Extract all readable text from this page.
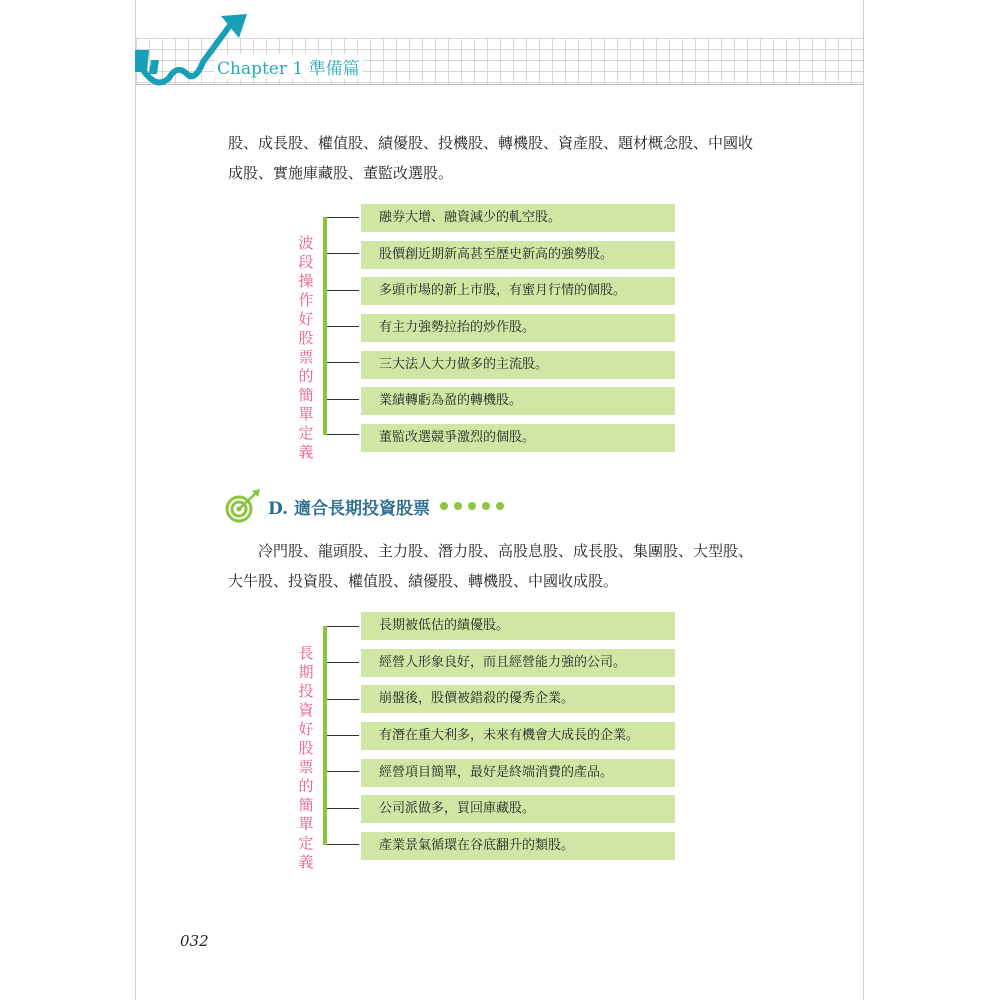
Chapter 1 準備篇
股、成長股、權值股、績優股、投機股、轉機股、資產股、題材概念股、中國收成股、實施庫藏股、董監改選股。
波段操作好股票的簡單定義
融券大增、融資減少的軋空股。
股價創近期新高甚至歷史新高的強勢股。
多頭市場的新上市股，有蜜月行情的個股。
有主力強勢拉抬的炒作股。
三大法人大力做多的主流股。
業績轉虧為盈的轉機股。
董監改選競爭激烈的個股。
D. 適合長期投資股票
冷門股、龍頭股、主力股、潛力股、高股息股、成長股、集團股、大型股、大牛股、投資股、權值股、績優股、轉機股、中國收成股。
長期投資好股票的簡單定義
長期被低估的績優股。
經營人形象良好，而且經營能力強的公司。
崩盤後，股價被錯殺的優秀企業。
有潛在重大利多，未來有機會大成長的企業。
經營項目簡單，最好是終端消費的產品。
公司派做多，買回庫藏股。
產業景氣循環在谷底翻升的類股。
032
